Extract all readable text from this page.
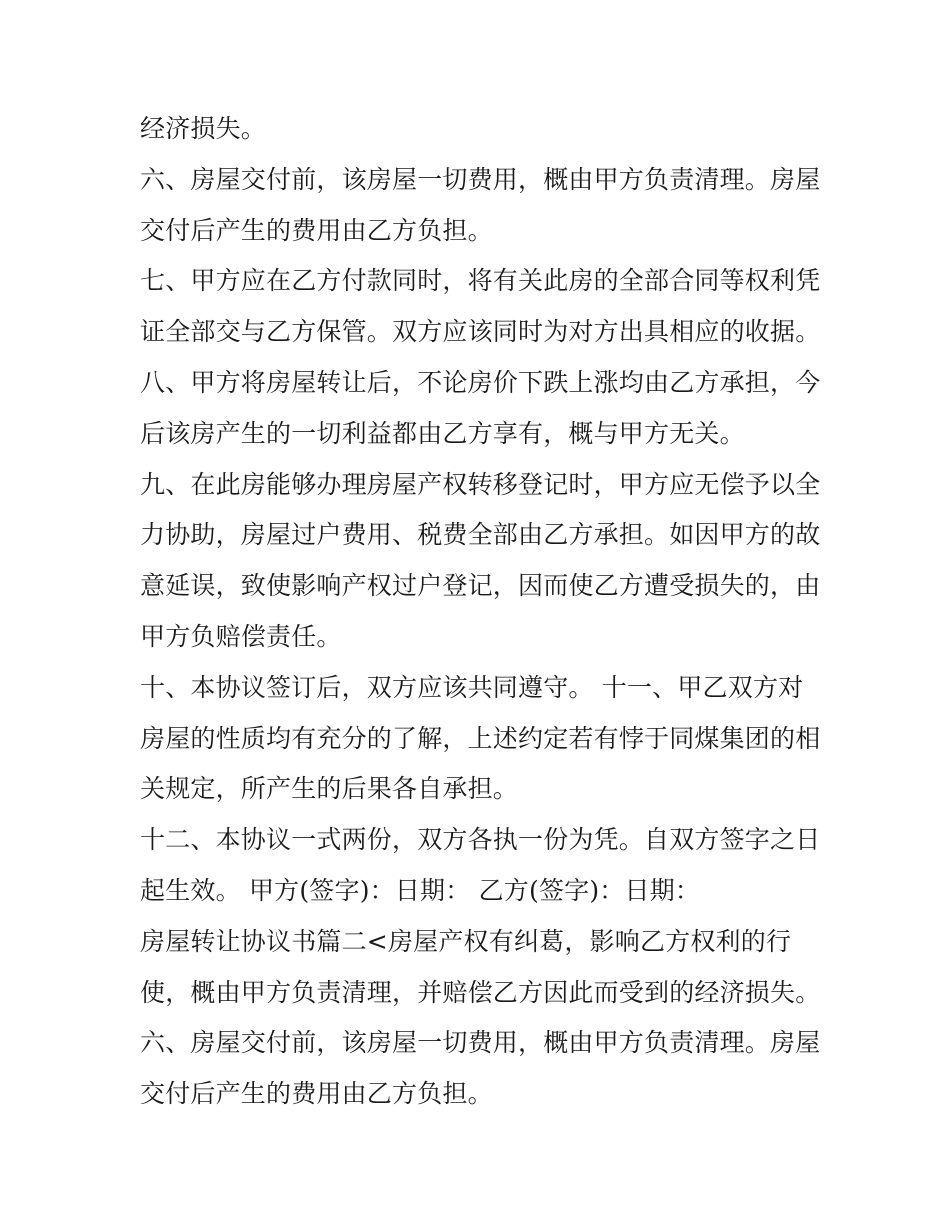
经济损失。
六、房屋交付前，该房屋一切费用，概由甲方负责清理。房屋
交付后产生的费用由乙方负担。
七、甲方应在乙方付款同时，将有关此房的全部合同等权利凭
证全部交与乙方保管。双方应该同时为对方出具相应的收据。
八、甲方将房屋转让后，不论房价下跌上涨均由乙方承担，今
后该房产生的一切利益都由乙方享有，概与甲方无关。
九、在此房能够办理房屋产权转移登记时，甲方应无偿予以全
力协助，房屋过户费用、税费全部由乙方承担。如因甲方的故
意延误，致使影响产权过户登记，因而使乙方遭受损失的，由
甲方负赔偿责任。
十、本协议签订后，双方应该共同遵守。 十一、甲乙双方对
房屋的性质均有充分的了解，上述约定若有悖于同煤集团的相
关规定，所产生的后果各自承担。
十二、本协议一式两份，双方各执一份为凭。自双方签字之日
起生效。 甲方(签字)：日期： 乙方(签字)：日期：
房屋转让协议书篇二<房屋产权有纠葛，影响乙方权利的行
使，概由甲方负责清理，并赔偿乙方因此而受到的经济损失。
六、房屋交付前，该房屋一切费用，概由甲方负责清理。房屋
交付后产生的费用由乙方负担。
